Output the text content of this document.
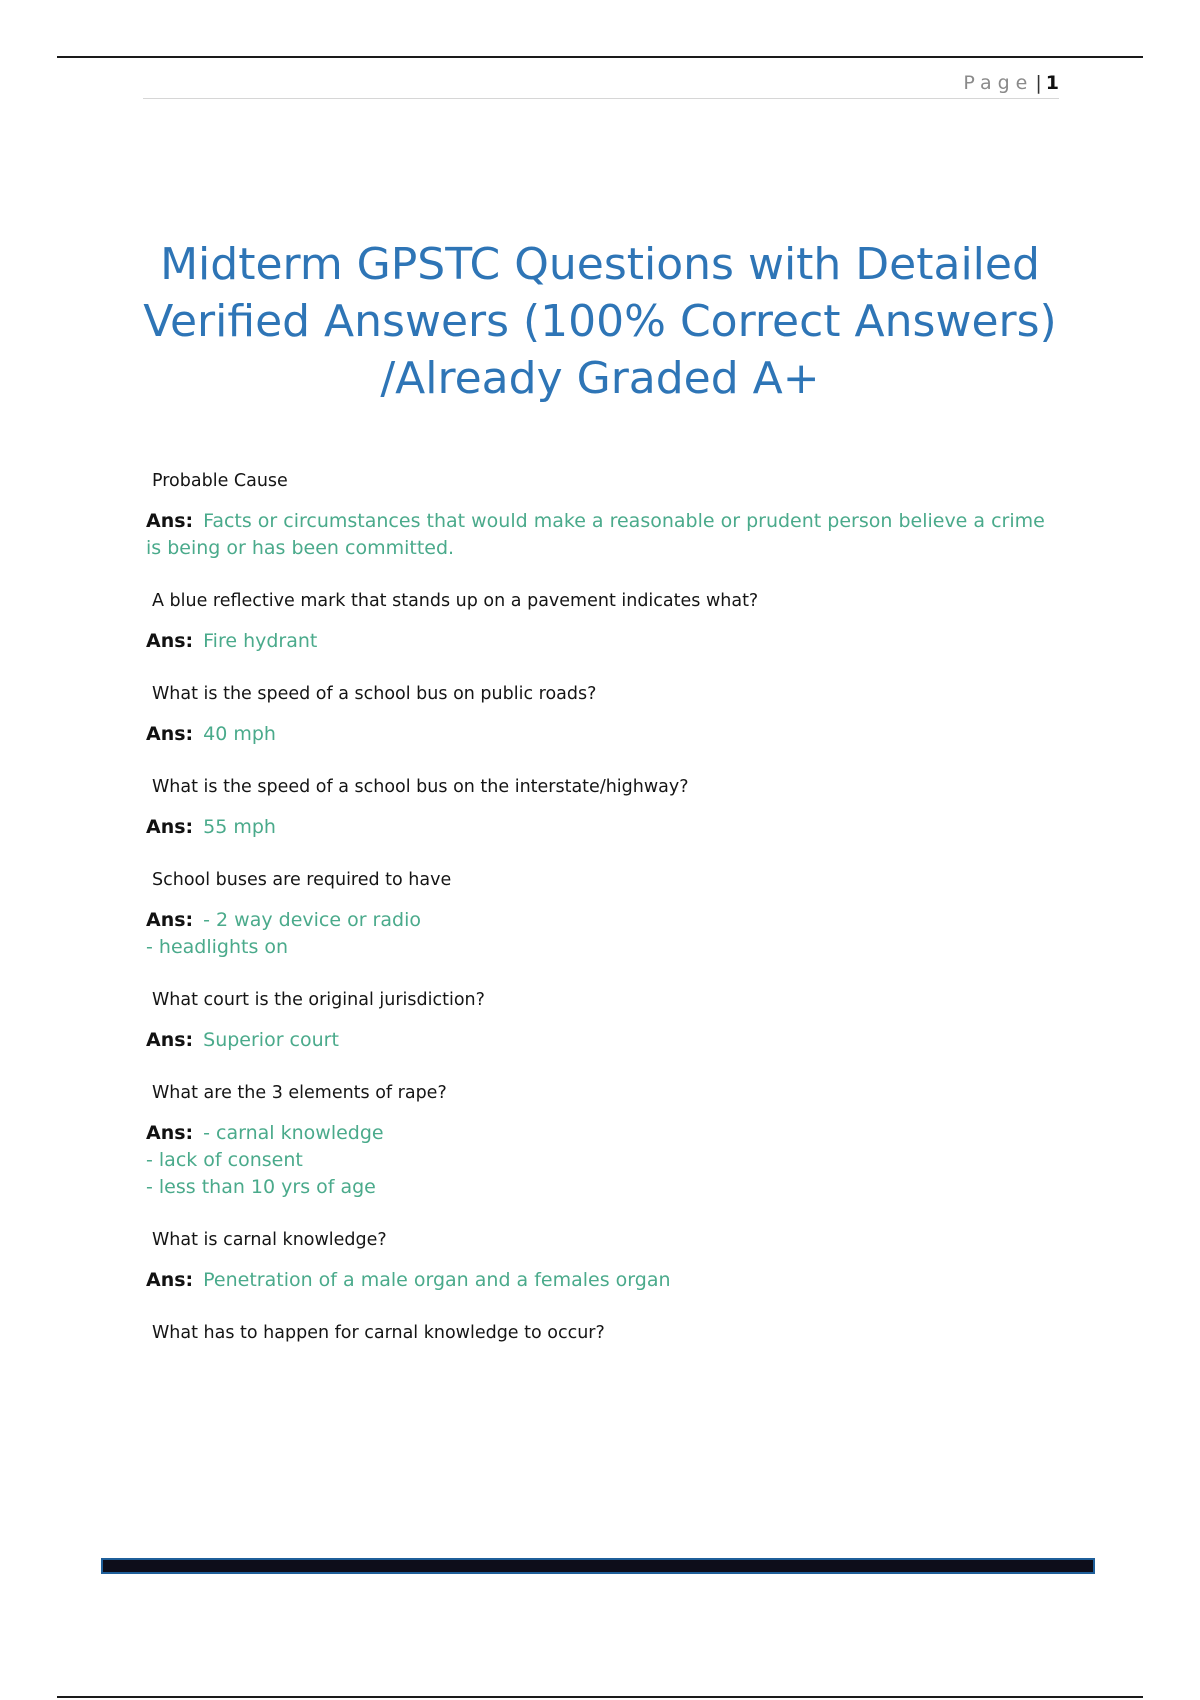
Page | 1
Midterm GPSTC Questions with Detailed Verified Answers (100% Correct Answers) /Already Graded A+
Probable Cause
Ans: Facts or circumstances that would make a reasonable or prudent person believe a crime is being or has been committed.
A blue reflective mark that stands up on a pavement indicates what?
Ans: Fire hydrant
What is the speed of a school bus on public roads?
Ans: 40 mph
What is the speed of a school bus on the interstate/highway?
Ans: 55 mph
School buses are required to have
Ans: - 2 way device or radio
- headlights on
What court is the original jurisdiction?
Ans: Superior court
What are the 3 elements of rape?
Ans: - carnal knowledge
- lack of consent
- less than 10 yrs of age
What is carnal knowledge?
Ans: Penetration of a male organ and a females organ
What has to happen for carnal knowledge to occur?
